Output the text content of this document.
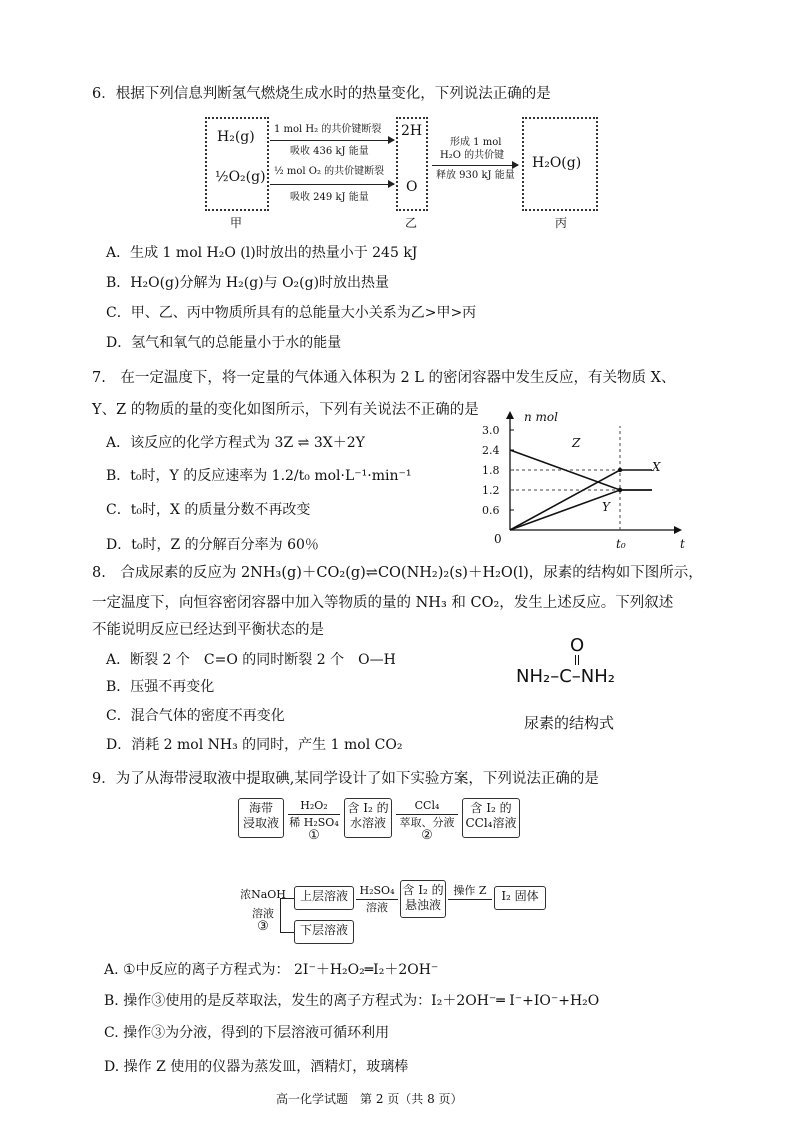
6．根据下列信息判断氢气燃烧生成水时的热量变化，下列说法正确的是
H₂(g)
½O₂(g)
1 mol H₂ 的共价键断裂
吸收 436 kJ 能量
½ mol O₂ 的共价键断裂
吸收 249 kJ 能量
2H
O
形成 1 mol
H₂O 的共价键
释放 930 kJ 能量
H₂O(g)
甲	乙	丙
A．生成 1 mol H₂O (l)时放出的热量小于 245 kJ
B．H₂O(g)分解为 H₂(g)与 O₂(g)时放出热量
C．甲、乙、丙中物质所具有的总能量大小关系为乙>甲>丙
D．氢气和氧气的总能量小于水的能量
7.　在一定温度下，将一定量的气体通入体积为 2 L 的密闭容器中发生反应，有关物质 X、
Y、Z 的物质的量的变化如图所示，下列有关说法不正确的是
A．该反应的化学方程式为 3Z ⇌ 3X＋2Y
B．t₀时，Y 的反应速率为 1.2/t₀ mol·L⁻¹·min⁻¹
C．t₀时，X 的质量分数不再改变
D．t₀时，Z 的分解百分率为 60％
n mol
t
0	t₀
3.0
2.4
1.8
1.2
0.6
Z
X
Y
8.　合成尿素的反应为 2NH₃(g)＋CO₂(g)⇌CO(NH₂)₂(s)＋H₂O(l)，尿素的结构如下图所示，
一定温度下，向恒容密闭容器中加入等物质的量的 NH₃ 和 CO₂，发生上述反应。下列叙述
不能说明反应已经达到平衡状态的是
A．断裂 2 个　C=O 的同时断裂 2 个　O—H
B．压强不再变化
C．混合气体的密度不再变化
D．消耗 2 mol NH₃ 的同时，产生 1 mol CO₂
O
NH₂–C–NH₂
尿素的结构式
9．为了从海带浸取液中提取碘,某同学设计了如下实验方案，下列说法正确的是
海带
浸取液
H₂O₂
稀 H₂SO₄
①
含 I₂ 的
水溶液
CCl₄
萃取、分液
②
含 I₂ 的
CCl₄溶液
浓NaOH
溶液
③
上层溶液
下层溶液
H₂SO₄
溶液
含 I₂ 的
悬浊液
操作 Z	I₂ 固体
A. ①中反应的离子方程式为： 2I⁻＋H₂O₂═I₂＋2OH⁻
B. 操作③使用的是反萃取法，发生的离子方程式为：I₂＋2OH⁻═ I⁻+IO⁻+H₂O
C. 操作③为分液，得到的下层溶液可循环利用
D. 操作 Z 使用的仪器为蒸发皿，酒精灯，玻璃棒
高一化学试题　第 2 页（共 8 页）
